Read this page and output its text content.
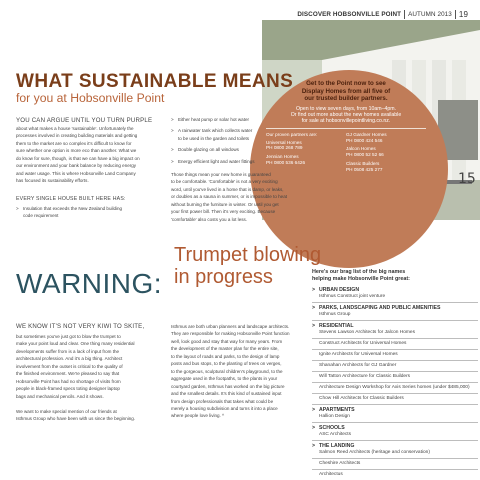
DISCOVER HOBSONVILLE POINT AUTUMN 2013 19
15
Get to the Point now to see
Display Homes from all five of
our trusted builder partners.
Open to view seven days, from 10am–4pm.
Or find out more about the new homes available
for sale at hobsonvillepointliving.co.nz.
Our proven partners are:
Universal Homes
PH 0800 268 789
Jennian Homes
PH 0800 536 6426
GJ Gardner Homes
PH 0800 424 546
Jalcon Homes
PH 0800 52 52 66
Classic Builders
PH 0508 425 277
WHAT SUSTAINABLE MEANS
for you at Hobsonville Point
YOU CAN ARGUE UNTIL YOU TURN PURPLE
about what makes a house 'sustainable'. Unfortunately the
processes involved in creating building materials and getting
them to the market are so complex it's difficult to know for
sure whether one option is more eco than another. What we
do know for sure, though, is that we can have a big impact on
our environment and your bank balance by reducing energy
and water usage. This is where Hobsonville Land Company
has focused its sustainability efforts.
EVERY SINGLE HOUSE BUILT HERE HAS:
> Insulation that exceeds the New Zealand building
code requirement
> Either heat pump or solar hot water
> A rainwater tank which collects water
to be used in the garden and toilets
> Double glazing on all windows
> Energy efficient light and water fittings
Those things mean your new home is guaranteed
to be comfortable. 'Comfortable' is not a very exciting
word, until you've lived in a home that is damp, or leaks,
or doubles as a sauna in summer, or is impossible to heat
without burning the furniture in winter. Or until you get
your first power bill. Then it's very exciting. Because
'comfortable' also costs you a lot less.
WARNING:
Trumpet blowing
in progress
WE KNOW IT'S NOT VERY KIWI TO SKITE,
but sometimes you've just got to blow the trumpet to
make your point loud and clear. One thing many residential
developments suffer from is a lack of input from the
architectural profession. And it's a big thing. Architect
involvement from the outset is critical to the quality of
the finished environment. We're pleased to say that
Hobsonville Point has had no shortage of visits from
people in black-framed specs toting designer laptop
bags and mechanical pencils. And it shows.
We want to make special mention of our friends at
Isthmus Group who have been with us since the beginning.
Isthmus are both urban planners and landscape architects.
They are responsible for making Hobsonville Point function
well, look good and stay that way for many years. From
the development of the master plan for the entire site,
to the layout of roads and parks, to the design of lamp
posts and bus stops, to the planting of trees on verges,
to the gorgeous, sculptural children's playground, to the
aggregate used in the footpaths, to the plants in your
courtyard garden, Isthmus has worked on the big picture
and the smallest details. It's this kind of sustained input
from design professionals that takes what could be
merely a housing subdivision and turns it into a place
where people love living. ^
Here's our brag list of the big names
helping make Hobsonville Point great:
> URBAN DESIGN
Isthmus Construct joint venture
> PARKS, LANDSCAPING AND PUBLIC AMENITIES
Isthmus Group
> RESIDENTIAL
Stevens Lawson Architects for Jalcon Homes
Construct Architects for Universal Homes
Ignite Architects for Universal Homes
Shanahan Architects for GJ Gardner
Will Tatton Architecture for Classic Builders
Architecture Design Workshop for Axis Series homes (under $485,000)
Chow Hill Architects for Classic Builders
> APARTMENTS
Hallion Design
> SCHOOLS
ASC Architects
> THE LANDING
Salmon Reed Architects (heritage and conservation)
Cheshire Architects
Architectus
